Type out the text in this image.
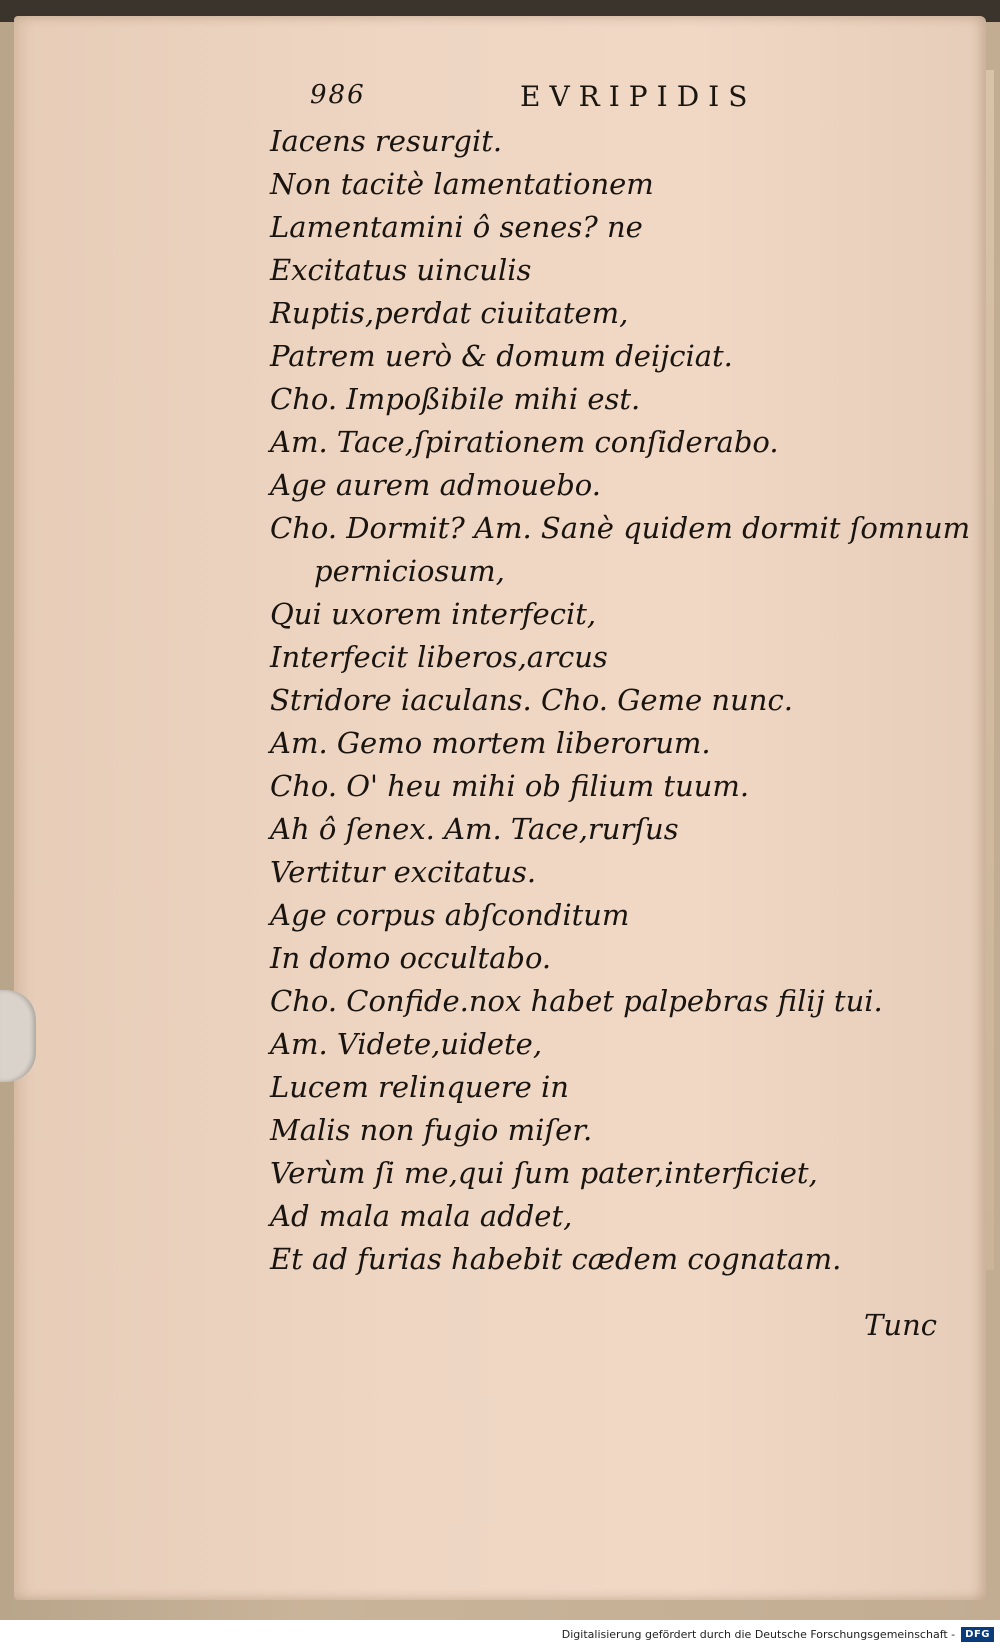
986	EVRIPIDIS
Iacens resurgit.
Non tacitè lamentationem
Lamentamini ô senes? ne
Excitatus uinculis
Ruptis,perdat ciuitatem,
Patrem uerò & domum deijciat.
Cho. Impoßibile mihi est.
Am. Tace,ſpirationem conſiderabo.
Age aurem admouebo.
Cho. Dormit? Am. Sanè quidem dormit ſomnum
perniciosum,
Qui uxorem interfecit,
Interfecit liberos,arcus
Stridore iaculans. Cho. Geme nunc.
Am. Gemo mortem liberorum.
Cho. O' heu mihi ob filium tuum.
Ah ô ſenex. Am. Tace,rurſus
Vertitur excitatus.
Age corpus abſconditum
In domo occultabo.
Cho. Confide.nox habet palpebras filij tui.
Am. Videte,uidete,
Lucem relinquere in
Malis non fugio miſer.
Verùm ſi me,qui ſum pater,interficiet,
Ad mala mala addet,
Et ad furias habebit cædem cognatam.
Tunc
Digitalisierung gefördert durch die Deutsche Forschungsgemeinschaft -	DFG
